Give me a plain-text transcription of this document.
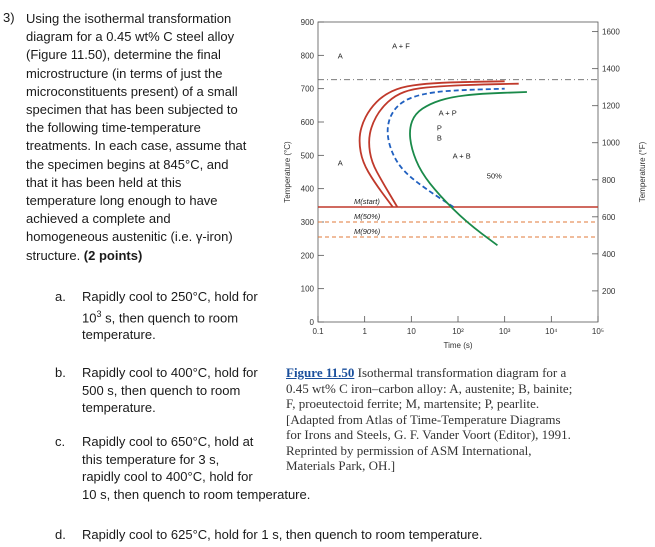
3) Using the isothermal transformation
diagram for a 0.45 wt% C steel alloy
(Figure 11.50), determine the final
microstructure (in terms of just the
microconstituents present) of a small
specimen that has been subjected to
the following time-temperature
treatments. In each case, assume that
the specimen begins at 845°C, and
that it has been held at this
temperature long enough to have
achieved a complete and
homogeneous austenitic (i.e. γ-iron)
structure. (2 points)
a. Rapidly cool to 250°C, hold for
$10^3$ s, then quench to room
temperature.
b. Rapidly cool to 400°C, hold for
500 s, then quench to room
temperature.
c. Rapidly cool to 650°C, hold at
this temperature for 3 s,
rapidly cool to 400°C, hold for
10 s, then quench to room temperature.
d. Rapidly cool to 625°C, hold for 1 s, then quench to room temperature.
Figure 11.50 Isothermal transformation diagram for a
0.45 wt% C iron–carbon alloy: A, austenite; B, bainite;
F, proeutectoid ferrite; M, martensite; P, pearlite.
[Adapted from Atlas of Time-Temperature Diagrams
for Irons and Steels, G. F. Vander Voort (Editor), 1991.
Reprinted by permission of ASM International,
Materials Park, OH.]
0
100
200
300
400
500
600
700
800
900
200
400
600
800
1000
1200
1400
1600
0.1	1	10	10²	10³	10⁴	10⁵
Time (s)
Temperature (°C)	Temperature (°F)
M(start)
M(50%)
M(90%)
A
A + F
A + P
P
B
A + B
50%
A
